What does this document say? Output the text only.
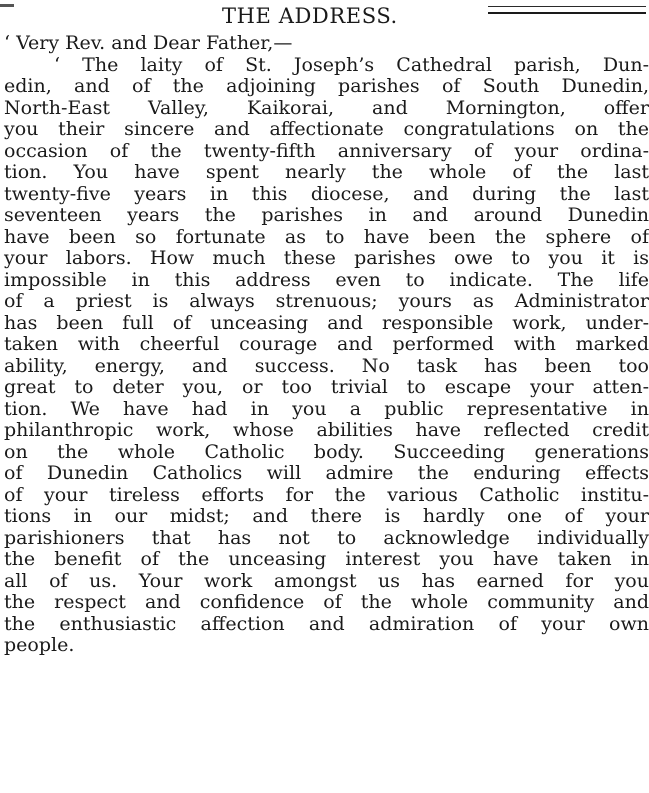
THE ADDRESS.
‘ Very Rev. and Dear Father,—
‘ The laity of St. Joseph’s Cathedral parish, Dun-
edin, and of the adjoining parishes of South Dunedin,
North-East Valley, Kaikorai, and Mornington, offer
you their sincere and affectionate congratulations on the
occasion of the twenty-fifth anniversary of your ordina-
tion. You have spent nearly the whole of the last
twenty-five years in this diocese, and during the last
seventeen years the parishes in and around Dunedin
have been so fortunate as to have been the sphere of
your labors. How much these parishes owe to you it is
impossible in this address even to indicate. The life
of a priest is always strenuous; yours as Administrator
has been full of unceasing and responsible work, under-
taken with cheerful courage and performed with marked
ability, energy, and success. No task has been too
great to deter you, or too trivial to escape your atten-
tion. We have had in you a public representative in
philanthropic work, whose abilities have reflected credit
on the whole Catholic body. Succeeding generations
of Dunedin Catholics will admire the enduring effects
of your tireless efforts for the various Catholic institu-
tions in our midst; and there is hardly one of your
parishioners that has not to acknowledge individually
the benefit of the unceasing interest you have taken in
all of us. Your work amongst us has earned for you
the respect and confidence of the whole community and
the enthusiastic affection and admiration of your own
people.
